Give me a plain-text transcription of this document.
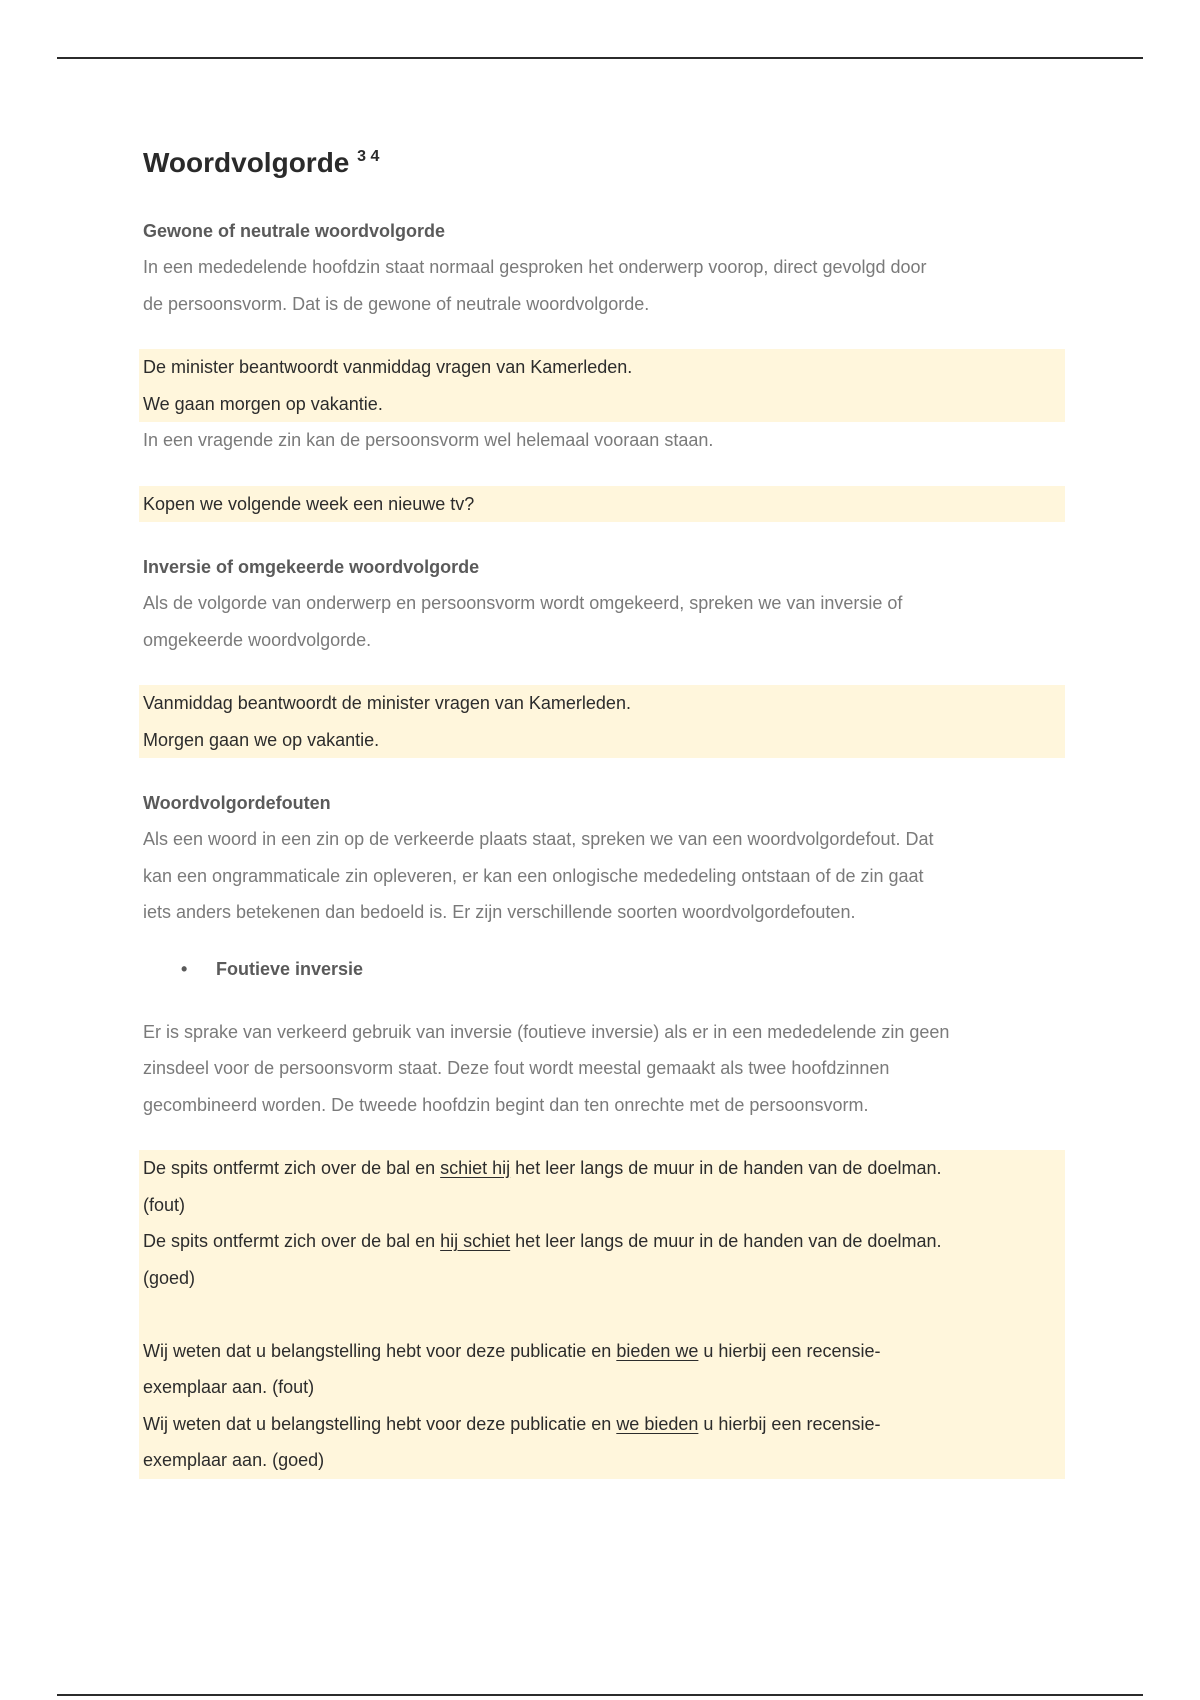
Woordvolgorde $^{3 4}$
Gewone of neutrale woordvolgorde

In een mededelende hoofdzin staat normaal gesproken het onderwerp voorop, direct gevolgd door

de persoonsvorm. Dat is de gewone of neutrale woordvolgorde.

De minister beantwoordt vanmiddag vragen van Kamerleden.
We gaan morgen op vakantie.

In een vragende zin kan de persoonsvorm wel helemaal vooraan staan.

Kopen we volgende week een nieuwe tv?
Inversie of omgekeerde woordvolgorde

Als de volgorde van onderwerp en persoonsvorm wordt omgekeerd, spreken we van inversie of

omgekeerde woordvolgorde.

Vanmiddag beantwoordt de minister vragen van Kamerleden.
Morgen gaan we op vakantie.
Woordvolgordefouten

Als een woord in een zin op de verkeerde plaats staat, spreken we van een woordvolgordefout. Dat

kan een ongrammaticale zin opleveren, er kan een onlogische mededeling ontstaan of de zin gaat

iets anders betekenen dan bedoeld is. Er zijn verschillende soorten woordvolgordefouten.

• Foutieve inversie

Er is sprake van verkeerd gebruik van inversie (foutieve inversie) als er in een mededelende zin geen

zinsdeel voor de persoonsvorm staat. Deze fout wordt meestal gemaakt als twee hoofdzinnen

gecombineerd worden. De tweede hoofdzin begint dan ten onrechte met de persoonsvorm.

De spits ontfermt zich over de bal en schiet hij het leer langs de muur in de handen van de doelman.
(fout)
De spits ontfermt zich over de bal en hij schiet het leer langs de muur in de handen van de doelman.
(goed)
Wij weten dat u belangstelling hebt voor deze publicatie en bieden we u hierbij een recensie-
exemplaar aan. (fout)
Wij weten dat u belangstelling hebt voor deze publicatie en we bieden u hierbij een recensie-
exemplaar aan. (goed)
